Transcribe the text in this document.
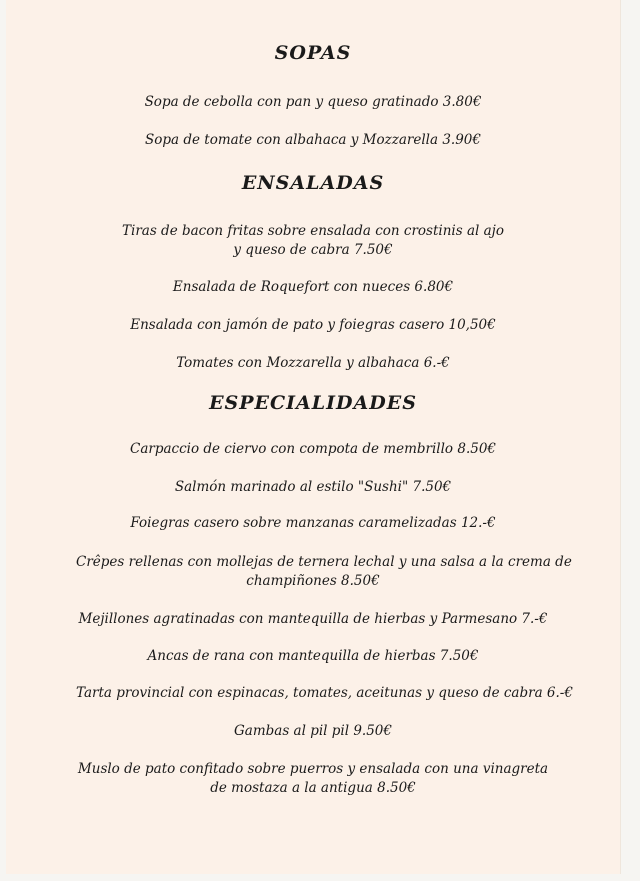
SOPAS
Sopa de cebolla con pan y queso gratinado 3.80€
Sopa de tomate con albahaca y Mozzarella 3.90€
ENSALADAS
Tiras de bacon fritas sobre ensalada con crostinis al ajo
y queso de cabra 7.50€
Ensalada de Roquefort con nueces 6.80€
Ensalada con jamón de pato y foiegras casero 10,50€
Tomates con Mozzarella y albahaca 6.-€
ESPECIALIDADES
Carpaccio de ciervo con compota de membrillo 8.50€
Salmón marinado al estilo "Sushi" 7.50€
Foiegras casero sobre manzanas caramelizadas 12.-€
Crêpes rellenas con mollejas de ternera lechal y una salsa a la crema de
champiñones 8.50€
Mejillones agratinadas con mantequilla de hierbas y Parmesano 7.-€
Ancas de rana con mantequilla de hierbas 7.50€
Tarta provincial con espinacas, tomates, aceitunas y queso de cabra 6.-€
Gambas al pil pil 9.50€
Muslo de pato confitado sobre puerros y ensalada con una vinagreta
de mostaza a la antigua 8.50€
